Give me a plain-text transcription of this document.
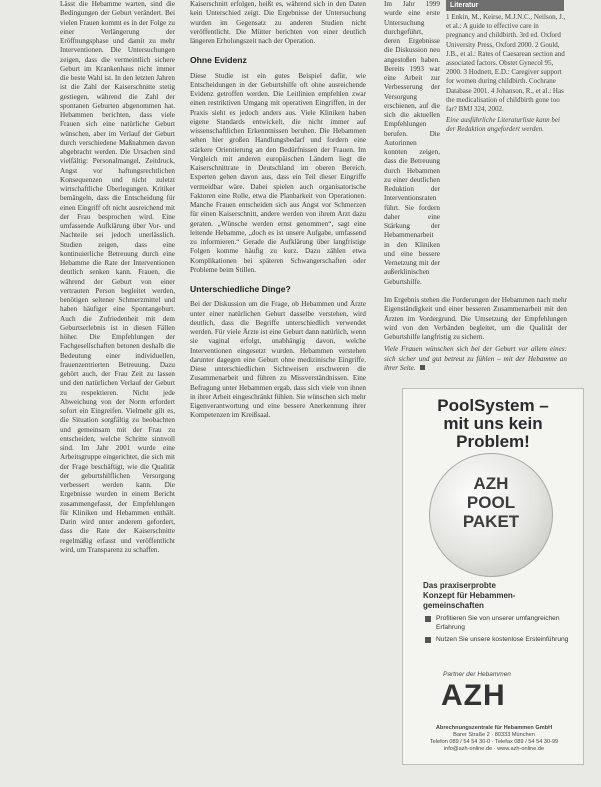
Lässt die Hebamme warten, sind die Bedingungen der Geburt verändert. Bei vielen Frauen kommt es in der Folge zu einer Verlängerung der Eröffnungsphase und damit zu mehr Interventionen. Die Untersuchungen zeigen, dass die vermeintlich sichere Geburt im Krankenhaus nicht immer die beste Wahl ist. In den letzten Jahren ist die Zahl der Kaiserschnitte stetig gestiegen, während die Zahl der spontanen Geburten abgenommen hat. Hebammen berichten, dass viele Frauen sich eine natürliche Geburt wünschen, aber im Verlauf der Geburt durch verschiedene Maßnahmen davon abgebracht werden. Die Ursachen sind vielfältig: Personalmangel, Zeitdruck, Angst vor haftungsrechtlichen Konsequenzen und nicht zuletzt wirtschaftliche Überlegungen. Kritiker bemängeln, dass die Entscheidung für einen Eingriff oft nicht ausreichend mit der Frau besprochen wird. Eine umfassende Aufklärung über Vor- und Nachteile sei jedoch unerlässlich. Studien zeigen, dass eine kontinuierliche Betreuung durch eine Hebamme die Rate der Interventionen deutlich senken kann. Frauen, die während der Geburt von einer vertrauten Person begleitet werden, benötigen seltener Schmerzmittel und haben häufiger eine Spontangeburt. Auch die Zufriedenheit mit dem Geburtserlebnis ist in diesen Fällen höher. Die Empfehlungen der Fachgesellschaften betonen deshalb die Bedeutung einer individuellen, frauenzentrierten Betreuung. Dazu gehört auch, der Frau Zeit zu lassen und den natürlichen Verlauf der Geburt zu respektieren. Nicht jede Abweichung von der Norm erfordert sofort ein Eingreifen. Vielmehr gilt es, die Situation sorgfältig zu beobachten und gemeinsam mit der Frau zu entscheiden, welche Schritte sinnvoll sind. Im Jahr 2001 wurde eine Arbeitsgruppe eingerichtet, die sich mit der Frage beschäftigt, wie die Qualität der geburtshilflichen Versorgung verbessert werden kann. Die Ergebnisse wurden in einem Bericht zusammengefasst, der Empfehlungen für Kliniken und Hebammen enthält. Darin wird unter anderem gefordert, dass die Rate der Kaiserschnitte regelmäßig erfasst und veröffentlicht wird, um Transparenz zu schaffen.

Kaiserschnitt erfolgen, heißt es, während sich in den Daten kein Unterschied zeigt. Die Ergebnisse der Untersuchung wurden im Gegensatz zu anderen Studien nicht veröffentlicht. Die Mütter berichten von einer deutlich längeren Erholungszeit nach der Operation.

Ohne Evidenz

Diese Studie ist ein gutes Beispiel dafür, wie Entscheidungen in der Geburtshilfe oft ohne ausreichende Evidenz getroffen werden. Die Leitlinien empfehlen zwar einen restriktiven Umgang mit operativen Eingriffen, in der Praxis sieht es jedoch anders aus. Viele Kliniken haben eigene Standards entwickelt, die nicht immer auf wissenschaftlichen Erkenntnissen beruhen. Die Hebammen sehen hier großen Handlungsbedarf und fordern eine stärkere Orientierung an den Bedürfnissen der Frauen. Im Vergleich mit anderen europäischen Ländern liegt die Kaiserschnittrate in Deutschland im oberen Bereich. Experten gehen davon aus, dass ein Teil dieser Eingriffe vermeidbar wäre. Dabei spielen auch organisatorische Faktoren eine Rolle, etwa die Planbarkeit von Operationen. Manche Frauen entscheiden sich aus Angst vor Schmerzen für einen Kaiserschnitt, andere werden von ihrem Arzt dazu geraten. „Wünsche werden ernst genommen“, sagt eine leitende Hebamme, „doch es ist unsere Aufgabe, umfassend zu informieren.“ Gerade die Aufklärung über langfristige Folgen komme häufig zu kurz. Dazu zählen etwa Komplikationen bei späteren Schwangerschaften oder Probleme beim Stillen.

Unterschiedliche Dinge?

Bei der Diskussion um die Frage, ob Hebammen und Ärzte unter einer natürlichen Geburt dasselbe verstehen, wird deutlich, dass die Begriffe unterschiedlich verwendet werden. Für viele Ärzte ist eine Geburt dann natürlich, wenn sie vaginal erfolgt, unabhängig davon, welche Interventionen eingesetzt wurden. Hebammen verstehen darunter dagegen eine Geburt ohne medizinische Eingriffe. Diese unterschiedlichen Sichtweisen erschweren die Zusammenarbeit und führen zu Missverständnissen. Eine Befragung unter Hebammen ergab, dass sich viele von ihnen in ihrer Arbeit eingeschränkt fühlen. Sie wünschen sich mehr Eigenverantwortung und eine bessere Anerkennung ihrer Kompetenzen im Kreißsaal.

Im Jahr 1999 wurde eine erste Untersuchung durchgeführt, deren Ergebnisse die Diskussion neu angestoßen haben. Bereits 1993 war eine Arbeit zur Verbesserung der Versorgung erschienen, auf die sich die aktuellen Empfehlungen berufen. Die Autorinnen konnten zeigen, dass die Betreuung durch Hebammen zu einer deutlichen Reduktion der Interventionsraten führt. Sie fordern daher eine Stärkung der Hebammenarbeit in den Kliniken und eine bessere Vernetzung mit der außerklinischen Geburtshilfe.

Literatur

1 Enkin, M., Keirse, M.J.N.C., Neilson, J., et al.: A guide to effective care in pregnancy and childbirth. 3rd ed. Oxford University Press, Oxford 2000. 2 Gould, J.B., et al.: Rates of Caesarean section and associated factors. Obstet Gynecol 95, 2000. 3 Hodnett, E.D.: Caregiver support for women during childbirth. Cochrane Database 2001. 4 Johanson, R., et al.: Has the medicalisation of childbirth gone too far? BMJ 324, 2002.

Eine ausführliche Literaturliste kann bei der Redaktion angefordert werden.

Im Ergebnis stehen die Forderungen der Hebammen nach mehr Eigenständigkeit und einer besseren Zusammenarbeit mit den Ärzten im Vordergrund. Die Umsetzung der Empfehlungen wird von den Verbänden begleitet, um die Qualität der Geburtshilfe langfristig zu sichern.

Viele Frauen wünschen sich bei der Geburt vor allem eines: sich sicher und gut betreut zu fühlen – mit der Hebamme an ihrer Seite.

PoolSystem –
mit uns kein
Problem!
AZH
POOL
PAKET
Das praxiserprobte
Konzept für Hebammen-
gemeinschaften
Profitieren Sie von unserer umfangreichen Erfahrung
Nutzen Sie unsere kostenlose Ersteinführung
Partner der Hebammen
AZH
Abrechnungszentrale für Hebammen GmbH
Barer Straße 2 · 80333 München
Telefon 089 / 54 54 30-0 · Telefax 089 / 54 54 30-99
info@azh-online.de · www.azh-online.de
